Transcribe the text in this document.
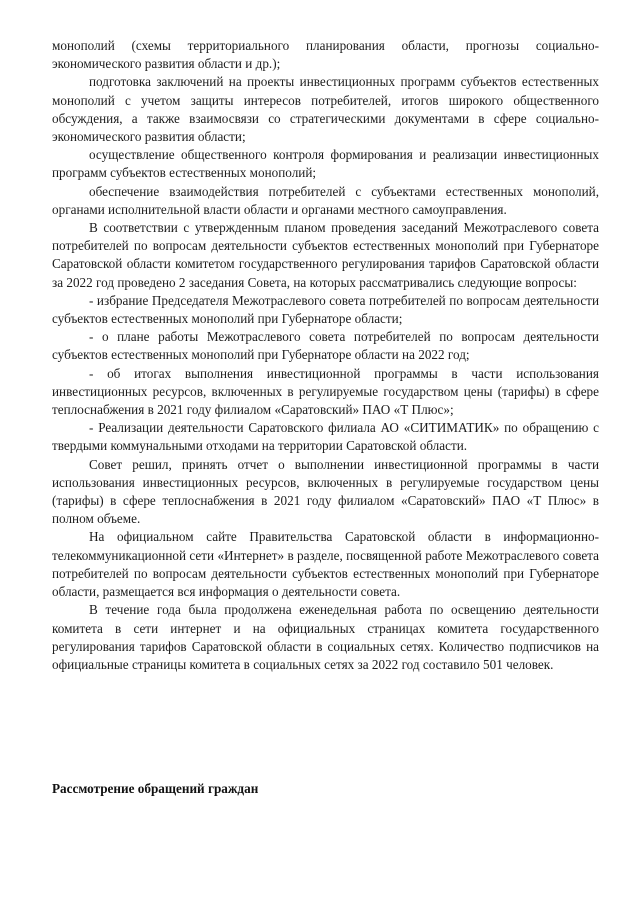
монополий (схемы территориального планирования области, прогнозы социально-экономического развития области и др.);

подготовка заключений на проекты инвестиционных программ субъектов естественных монополий с учетом защиты интересов потребителей, итогов широкого общественного обсуждения, а также взаимосвязи со стратегическими документами в сфере социально-экономического развития области;

осуществление общественного контроля формирования и реализации инвестиционных программ субъектов естественных монополий;

обеспечение взаимодействия потребителей с субъектами естественных монополий, органами исполнительной власти области и органами местного самоуправления.

В соответствии с утвержденным планом проведения заседаний Межотраслевого совета потребителей по вопросам деятельности субъектов естественных монополий при Губернаторе Саратовской области комитетом государственного регулирования тарифов Саратовской области за 2022 год проведено 2 заседания Совета, на которых рассматривались следующие вопросы:

- избрание Председателя Межотраслевого совета потребителей по вопросам деятельности субъектов естественных монополий при Губернаторе области;

- о плане работы Межотраслевого совета потребителей по вопросам деятельности субъектов естественных монополий при Губернаторе области на 2022 год;

- об итогах выполнения инвестиционной программы в части использования инвестиционных ресурсов, включенных в регулируемые государством цены (тарифы) в сфере теплоснабжения в 2021 году филиалом «Саратовский» ПАО «Т Плюс»;

- Реализации деятельности Саратовского филиала АО «СИТИМАТИК» по обращению с твердыми коммунальными отходами на территории Саратовской области.

Совет решил, принять отчет о выполнении инвестиционной программы в части использования инвестиционных ресурсов, включенных в регулируемые государством цены (тарифы) в сфере теплоснабжения в 2021 году филиалом «Саратовский» ПАО «Т Плюс» в полном объеме.

На официальном сайте Правительства Саратовской области в информационно-телекоммуникационной сети «Интернет» в разделе, посвященной работе Межотраслевого совета потребителей по вопросам деятельности субъектов естественных монополий при Губернаторе области, размещается вся информация о деятельности совета.

В течение года была продолжена еженедельная работа по освещению деятельности комитета в сети интернет и на официальных страницах комитета государственного регулирования тарифов Саратовской области в социальных сетях. Количество подписчиков на официальные страницы комитета в социальных сетях за 2022 год составило 501 человек.

Рассмотрение обращений граждан
